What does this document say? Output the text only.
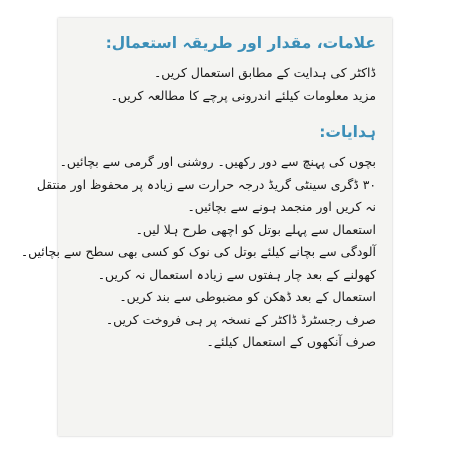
علامات، مقدار اور طریقہ استعمال:
ڈاکٹر کی ہدایت کے مطابق استعمال کریں۔
مزید معلومات کیلئے اندرونی پرچے کا مطالعہ کریں۔
ہدایات:
بچوں کی پہنچ سے دور رکھیں۔ روشنی اور گرمی سے بچائیں۔
۳۰ ڈگری سینٹی گریڈ درجہ حرارت سے زیادہ پر محفوظ اور منتقل
نہ کریں اور منجمد ہونے سے بچائیں۔
استعمال سے پہلے بوتل کو اچھی طرح ہلا لیں۔
آلودگی سے بچانے کیلئے بوتل کی نوک کو کسی بھی سطح سے بچائیں۔
کھولنے کے بعد چار ہفتوں سے زیادہ استعمال نہ کریں۔
استعمال کے بعد ڈھکن کو مضبوطی سے بند کریں۔
صرف رجسٹرڈ ڈاکٹر کے نسخہ پر ہی فروخت کریں۔
صرف آنکھوں کے استعمال کیلئے۔
